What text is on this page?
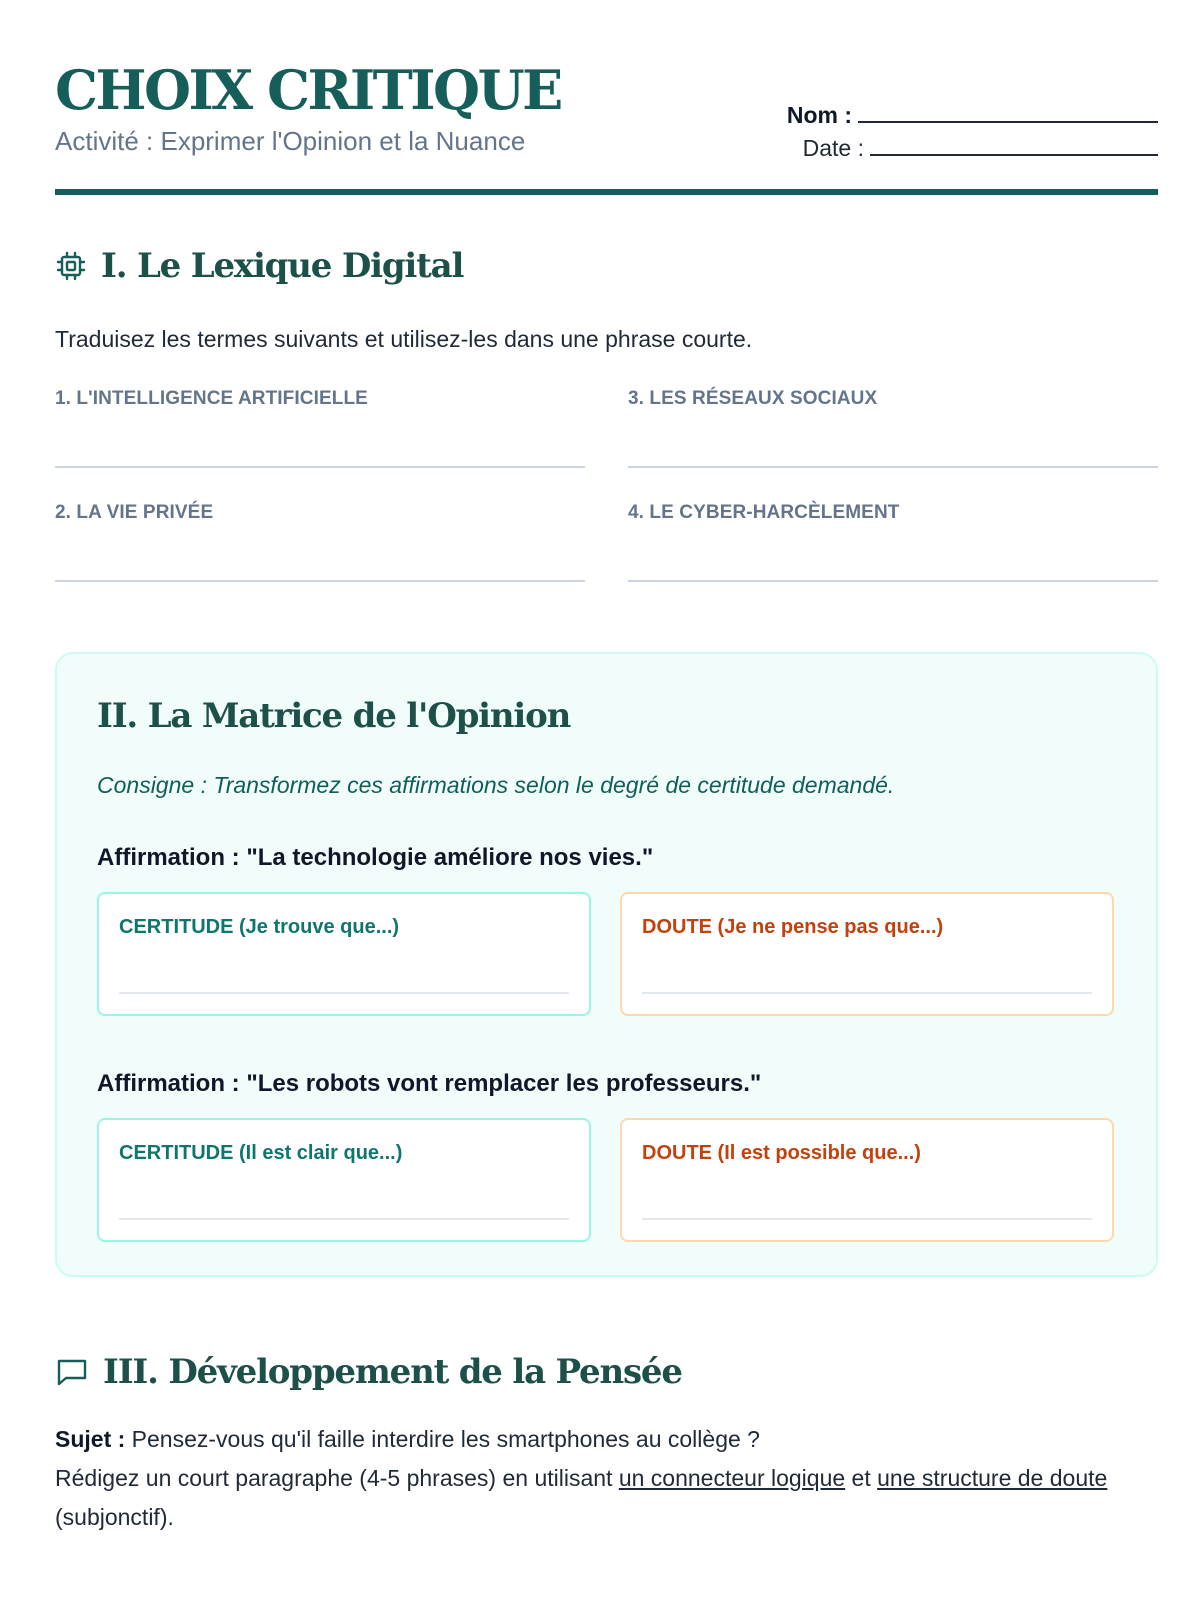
CHOIX CRITIQUE
Activité : Exprimer l'Opinion et la Nuance
Nom :
Date :
I. Le Lexique Digital
Traduisez les termes suivants et utilisez-les dans une phrase courte.
1. L'INTELLIGENCE ARTIFICIELLE	3. LES RÉSEAUX SOCIAUX
2. LA VIE PRIVÉE	4. LE CYBER-HARCÈLEMENT
II. La Matrice de l'Opinion
Consigne : Transformez ces affirmations selon le degré de certitude demandé.
Affirmation : "La technologie améliore nos vies."
CERTITUDE (Je trouve que...)	DOUTE (Je ne pense pas que...)
Affirmation : "Les robots vont remplacer les professeurs."
CERTITUDE (Il est clair que...)	DOUTE (Il est possible que...)
III. Développement de la Pensée
Sujet : Pensez-vous qu'il faille interdire les smartphones au collège ?
Rédigez un court paragraphe (4-5 phrases) en utilisant un connecteur logique et une structure de doute (subjonctif).
